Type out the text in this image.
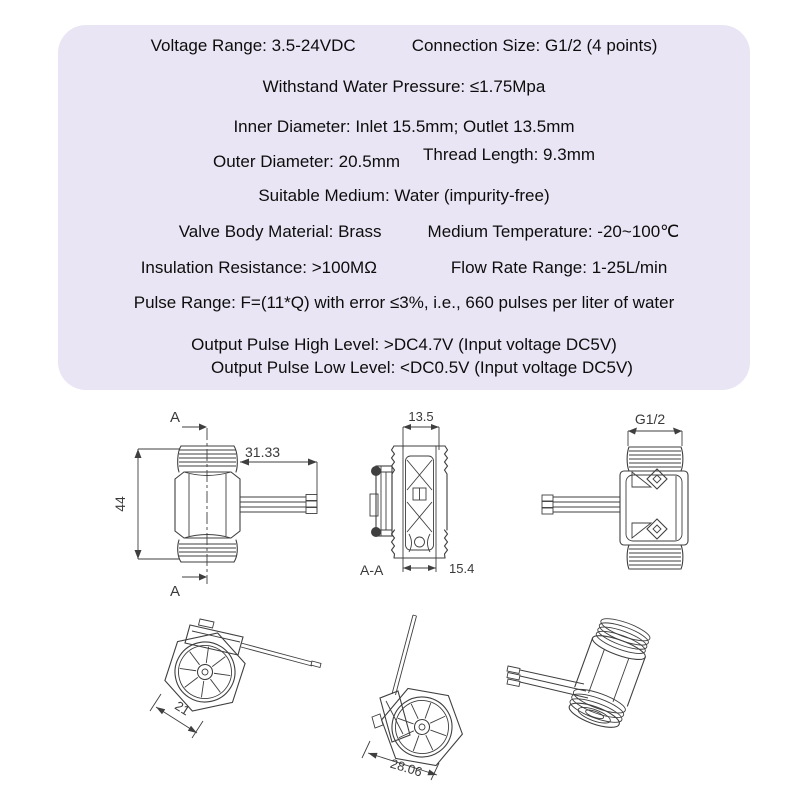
Voltage Range: 3.5-24VDC	Connection Size: G1/2 (4 points)
Withstand Water Pressure: ≤1.75Mpa
Inner Diameter: Inlet 15.5mm; Outlet 13.5mm
Outer Diameter: 20.5mm Thread Length: 9.3mm
Suitable Medium: Water (impurity-free)
Valve Body Material: Brass	Medium Temperature: -20~100℃
Insulation Resistance: >100MΩ	Flow Rate Range: 1-25L/min
Pulse Range: F=(11*Q) with error ≤3%, i.e., 660 pulses per liter of water
Output Pulse High Level: >DC4.7V (Input voltage DC5V)
Output Pulse Low Level: <DC0.5V (Input voltage DC5V)
A
A
44
31.33
13.5
A-A	15.4
G1/2
21
28.06
